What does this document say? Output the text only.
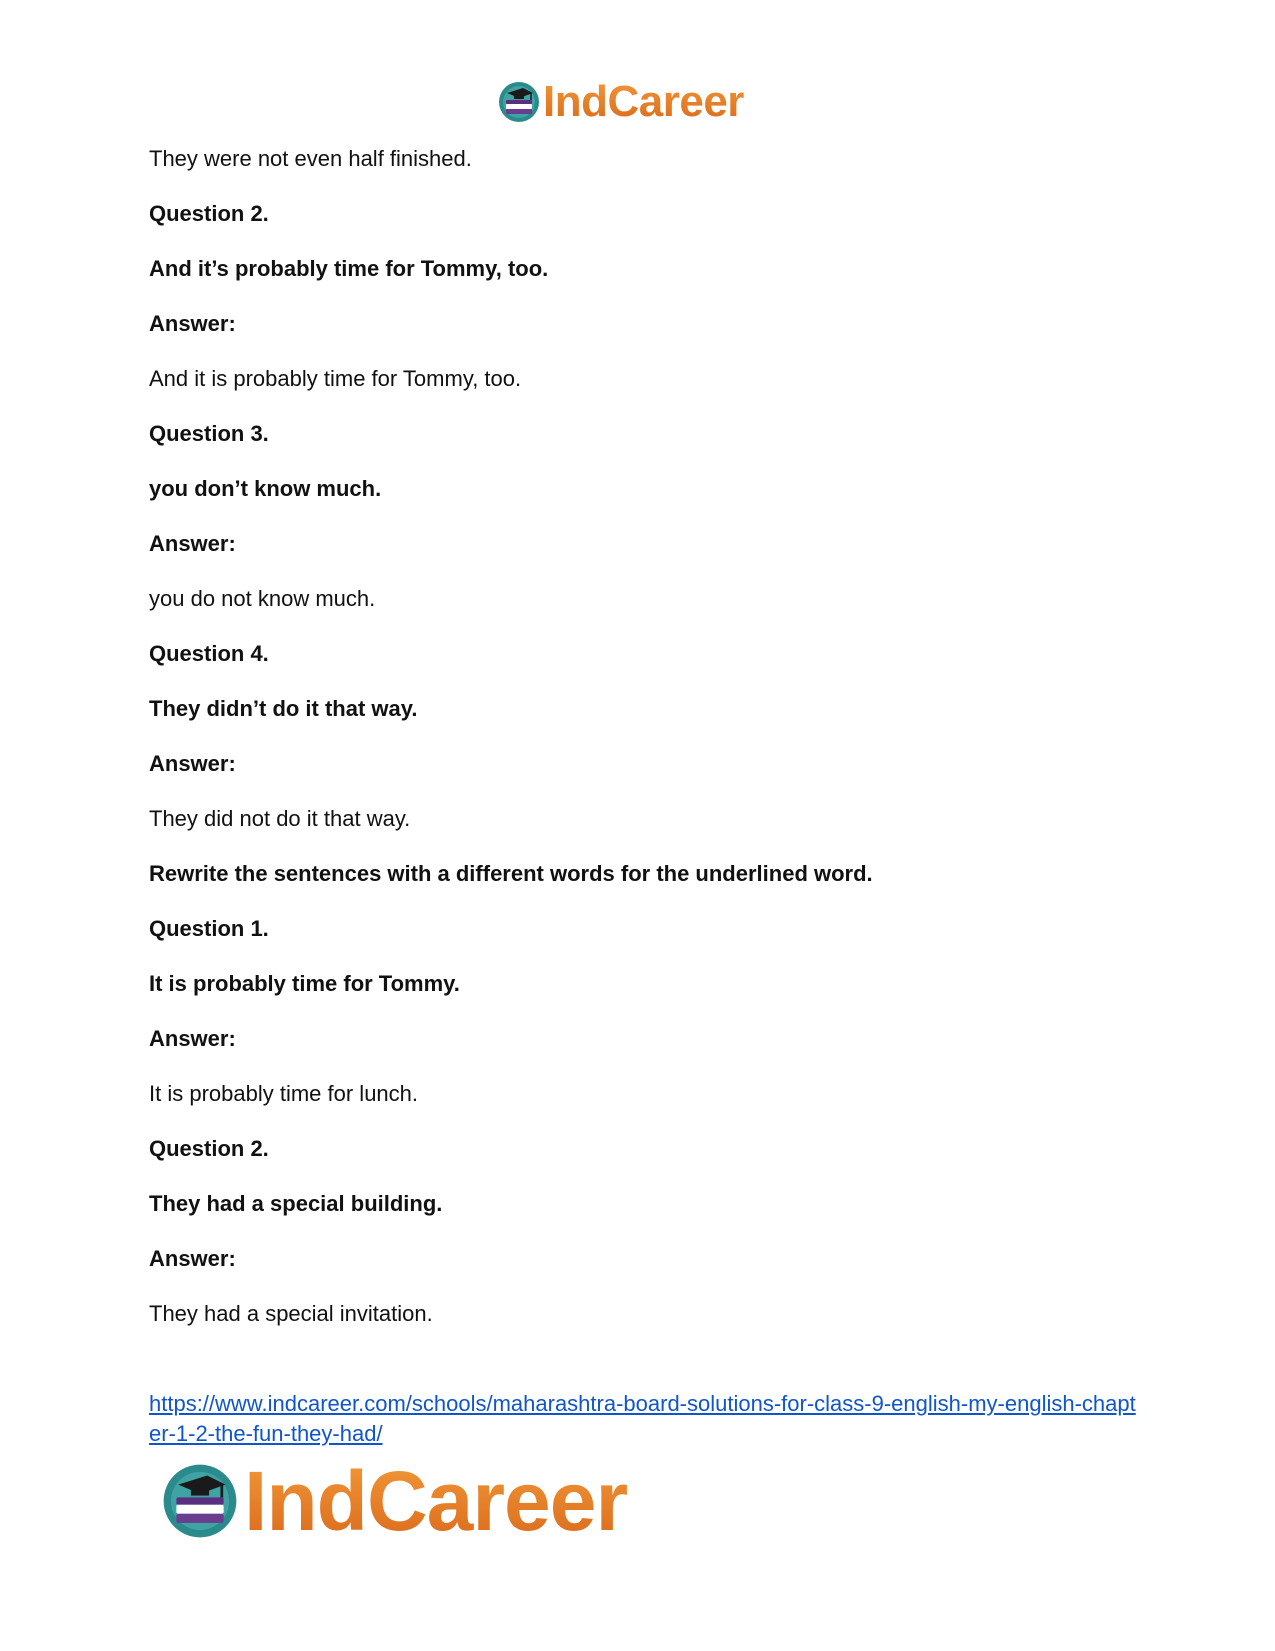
IndCareer
They were not even half finished.
Question 2.
And it’s probably time for Tommy, too.
Answer:
And it is probably time for Tommy, too.
Question 3.
you don’t know much.
Answer:
you do not know much.
Question 4.
They didn’t do it that way.
Answer:
They did not do it that way.
Rewrite the sentences with a different words for the underlined word.
Question 1.
It is probably time for Tommy.
Answer:
It is probably time for lunch.
Question 2.
They had a special building.
Answer:
They had a special invitation.
https://www.indcareer.com/schools/maharashtra-board-solutions-for-class-9-english-my-english-chapter-1-2-the-fun-they-had/
IndCareer
